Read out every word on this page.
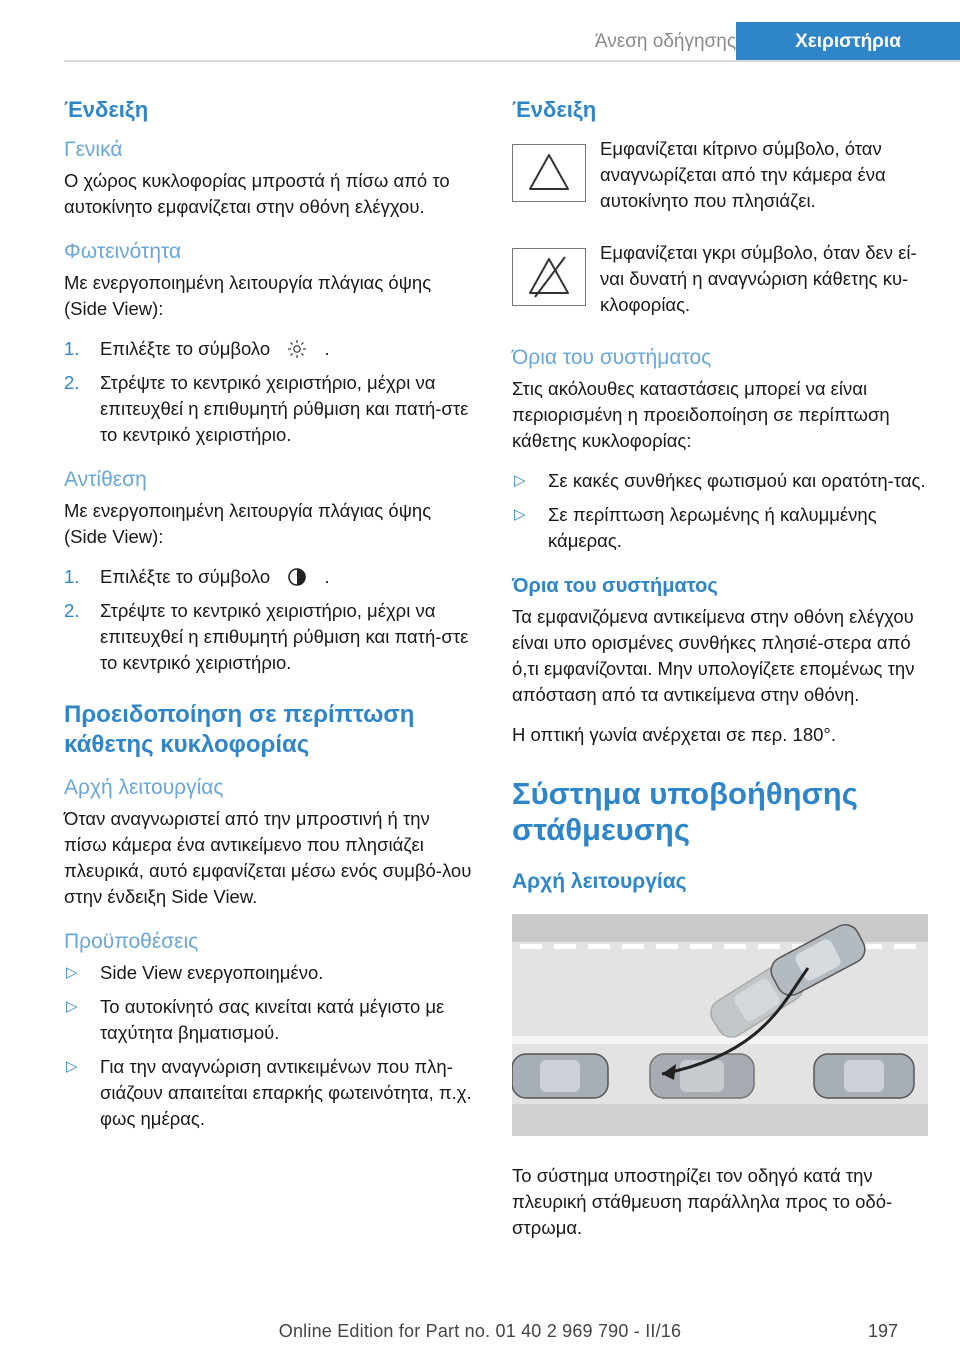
Άνεση οδήγησης	Χειριστήρια
Ένδειξη
Γενικά

Ο χώρος κυκλοφορίας μπροστά ή πίσω από το αυτοκίνητο εμφανίζεται στην οθόνη ελέγχου.

Φωτεινότητα

Με ενεργοποιημένη λειτουργία πλάγιας όψης (Side View):

1. Επιλέξτε το σύμβολο	.
2. Στρέψτε το κεντρικό χειριστήριο, μέχρι να επιτευχθεί η επιθυμητή ρύθμιση και πατή-στε το κεντρικό χειριστήριο.
Αντίθεση

Με ενεργοποιημένη λειτουργία πλάγιας όψης (Side View):

1. Επιλέξτε το σύμβολο	.
2. Στρέψτε το κεντρικό χειριστήριο, μέχρι να επιτευχθεί η επιθυμητή ρύθμιση και πατή-στε το κεντρικό χειριστήριο.
Προειδοποίηση σε περίπτωση κάθετης κυκλοφορίας
Αρχή λειτουργίας

Όταν αναγνωριστεί από την μπροστινή ή την πίσω κάμερα ένα αντικείμενο που πλησιάζει πλευρικά, αυτό εμφανίζεται μέσω ενός συμβό-λου στην ένδειξη Side View.

Προϋποθέσεις
▷ Side View ενεργοποιημένο.
▷ Το αυτοκίνητό σας κινείται κατά μέγιστο με ταχύτητα βηματισμού.
▷ Για την αναγνώριση αντικειμένων που πλη-σιάζουν απαιτείται επαρκής φωτεινότητα, π.χ. φως ημέρας.
Ένδειξη
Εμφανίζεται κίτρινο σύμβολο, όταν αναγνωρίζεται από την κάμερα ένα αυτοκίνητο που πλησιάζει.
Εμφανίζεται γκρι σύμβολο, όταν δεν εί-ναι δυνατή η αναγνώριση κάθετης κυ-κλοφορίας.
Όρια του συστήματος

Στις ακόλουθες καταστάσεις μπορεί να είναι περιορισμένη η προειδοποίηση σε περίπτωση κάθετης κυκλοφορίας:

▷ Σε κακές συνθήκες φωτισμού και ορατότη-τας.
▷ Σε περίπτωση λερωμένης ή καλυμμένης κάμερας.
Όρια του συστήματος

Τα εμφανιζόμενα αντικείμενα στην οθόνη ελέγχου είναι υπο ορισμένες συνθήκες πλησιέ-στερα από ό,τι εμφανίζονται. Μην υπολογίζετε επομένως την απόσταση από τα αντικείμενα στην οθόνη.

Η οπτική γωνία ανέρχεται σε περ. 180°.

Σύστημα υποβοήθησης στάθμευσης
Αρχή λειτουργίας

Το σύστημα υποστηρίζει τον οδηγό κατά την πλευρική στάθμευση παράλληλα προς το οδό-στρωμα.

Online Edition for Part no. 01 40 2 969 790 - II/16	197
